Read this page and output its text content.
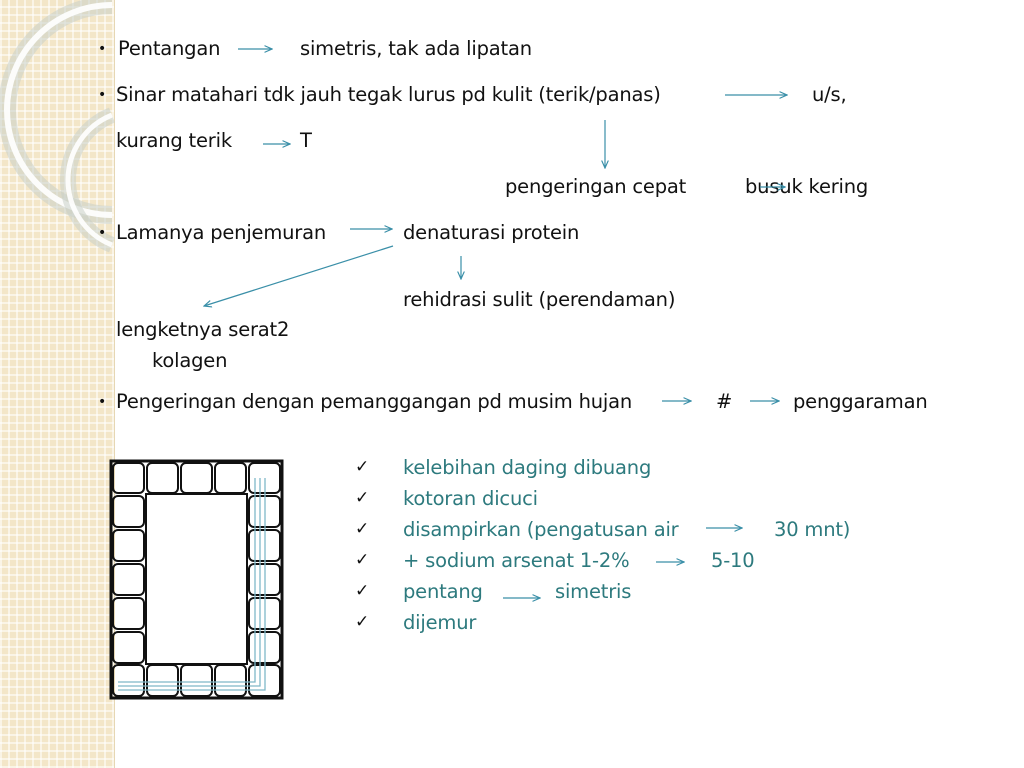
• Pentangan	simetris, tak ada lipatan
• Sinar matahari tdk jauh tegak lurus pd kulit (terik/panas)	u/s,
kurang terik	T
pengeringan cepat	busuk kering
• Lamanya penjemuran	denaturasi protein
rehidrasi sulit (perendaman)
lengketnya serat2
kolagen
• Pengeringan dengan pemanggangan pd musim hujan	#	penggaraman
✓ kelebihan daging dibuang
✓ kotoran dicuci
✓ disampirkan (pengatusan air	30 mnt)
✓ + sodium arsenat 1-2%	5-10
✓ pentang	simetris
✓ dijemur
